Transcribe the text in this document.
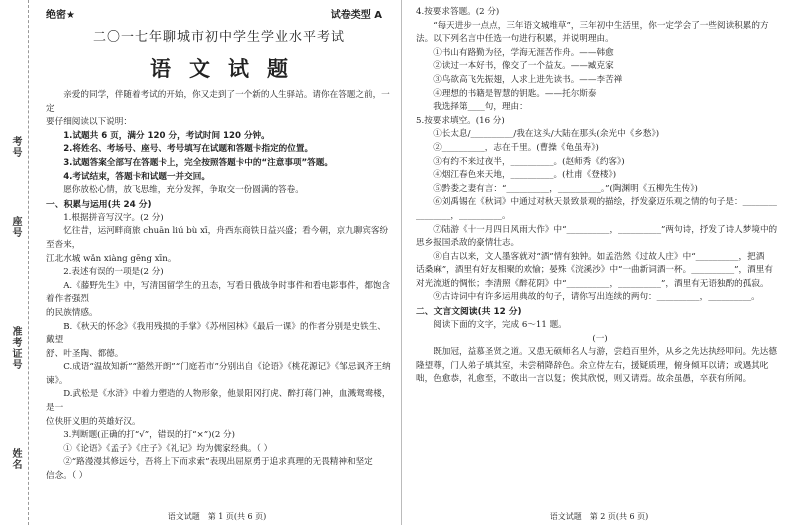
考号
座号
准考证号
姓名
绝密★	试卷类型 A
二〇一七年聊城市初中学生学业水平考试
语文试题

亲爱的同学，伴随着考试的开始，你又走到了一个新的人生驿站。请你在答题之前，一定

要仔细阅读以下说明：

1.试题共 6 页，满分 120 分，考试时间 120 分钟。

2.将姓名、考场号、座号、考号填写在试题和答题卡指定的位置。

3.试题答案全部写在答题卡上，完全按照答题卡中的“注意事项”答题。

4.考试结束，答题卡和试题一并交回。

愿你放松心情，放飞思维，充分发挥，争取交一份圆满的答卷。

一、积累与运用(共 24 分)

1.根据拼音写汉字。(2 分)

忆往昔，运河畔商旅 chuān liú bù xī，舟西东商铁日益兴盛；看今朝，京九聊宾客纷至沓来，

江北水城 wǎn xiàng gēng xīn。

2.表述有误的一项是(2 分)

A.《藤野先生》中，写清国留学生的丑态，写看日俄战争时事件和看电影事件，都饱含着作者强烈

的民族情感。

B.《秋天的怀念》《我用残损的手掌》《苏州园林》《最后一课》的作者分别是史铁生、戴望

舒、叶圣陶、都德。

C.成语“温故知新”“豁然开朗”“门庭若市”分别出自《论语》《桃花源记》《邹忌讽齐王纳谏》。

D.武松是《水浒》中着力塑造的人物形象，他景阳冈打虎、醉打蒋门神，血溅鸳鸯楼，是一

位侠肝义胆的英雄好汉。

3.判断题(正确的打“√”，错误的打“×”)(2 分)

①《论语》《孟子》《庄子》《礼记》均为儒家经典。（ ）

②“路漫漫其修远兮，吾将上下而求索”表现出屈原勇于追求真理的无畏精神和坚定

信念。（ ）

语文试题　第 1 页(共 6 页)

4.按要求答题。(2 分)

“每天进步一点点，三年语文城堆草”，三年初中生活里，你一定学会了一些阅读积累的方

法。以下列名言中任选一句进行积累，并说明理由。

①书山有路勤为径，学海无涯苦作舟。——韩愈

②读过一本好书，像交了一个益友。——臧克家

③鸟欲高飞先振翅，人求上进先读书。——李苦禅

④理想的书籍是智慧的钥匙。——托尔斯泰

我选择第____句，理由：

5.按要求填空。(16 分)

①长太息/__________/我在这头/大陆在那头(余光中《乡愁》)

②__________，志在千里。(曹操《龟虽寿》)

③有约不来过夜半，__________。(赵师秀《约客》)

④烟江春色来天地，__________。(杜甫《登楼》)

⑤黔娄之妻有言：“__________，__________。”(陶渊明《五柳先生传》)

⑥刘禹锡在《秋词》中通过对秋天景致景观的描绘，抒发豪迈乐观之情的句子是：________

________，__________。

⑦陆游《十一月四日风雨大作》中“__________，__________”两句诗，抒发了诗人梦境中的

思乡报国杀敌的豪情壮志。

⑧自古以来，文人墨客就对“酒”情有独钟。如孟浩然《过故人庄》中“__________，把酒

话桑麻”，酒里有好友相聚的欢愉；晏殊《浣溪沙》中“一曲新词酒一杯。__________”，酒里有

对光流逝的惆怅；李清照《醉花阴》中“__________，__________”，酒里有无语独酌的孤寂。

⑨古诗词中有许多运用典故的句子，请你写出连续的两句：__________，__________。

二、文言文阅读(共 12 分)

阅读下面的文字，完成 6～11 题。

(一)

既加冠，益慕圣贤之道。又患无硕师名人与游，尝趋百里外，从乡之先达执经叩问。先达德

隆望尊，门人弟子填其室，未尝稍降辞色。余立侍左右，援疑质理，俯身倾耳以请；或遇其叱

咄，色愈恭，礼愈至，不敢出一言以复；俟其欣悦，则又请焉。故余虽愚，卒获有所闻。

语文试题　第 2 页(共 6 页)
